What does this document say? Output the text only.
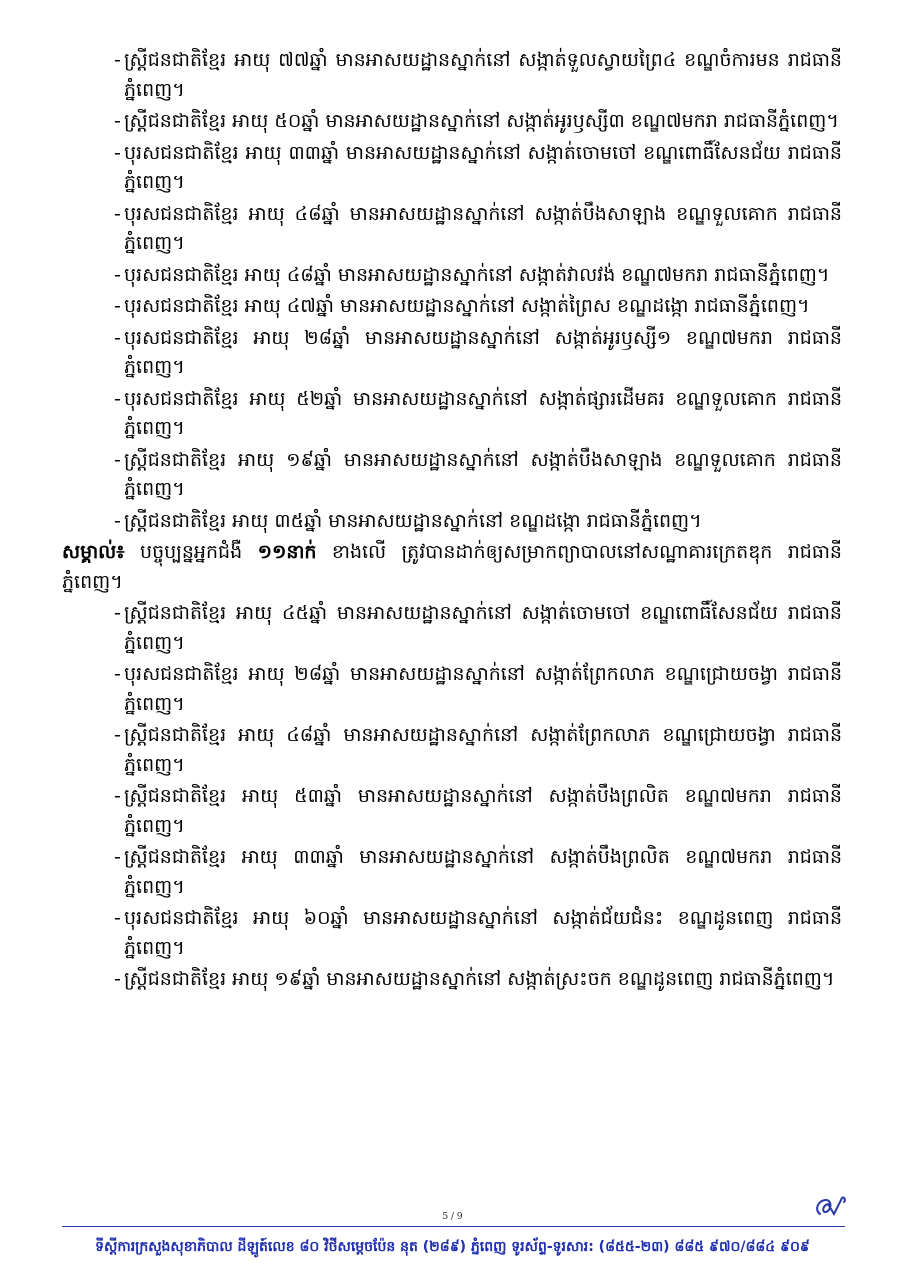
- ស្ត្រីជនជាតិខ្មែរ អាយុ ៧៧ឆ្នាំ មានអាសយដ្ឋានស្នាក់នៅ សង្កាត់ទួលស្វាយព្រៃ៤ ខណ្ឌចំការមន រាជធានីភ្នំពេញ។
- ស្ត្រីជនជាតិខ្មែរ អាយុ ៥០ឆ្នាំ មានអាសយដ្ឋានស្នាក់នៅ សង្កាត់អូរឫស្សី៣ ខណ្ឌ៧មករា រាជធានីភ្នំពេញ។
- បុរសជនជាតិខ្មែរ អាយុ ៣៣ឆ្នាំ មានអាសយដ្ឋានស្នាក់នៅ សង្កាត់ចោមចៅ ខណ្ឌពោធិ៍សែនជ័យ រាជធានីភ្នំពេញ។
- បុរសជនជាតិខ្មែរ អាយុ ៤៨ឆ្នាំ មានអាសយដ្ឋានស្នាក់នៅ សង្កាត់បឹងសាឡាង ខណ្ឌទួលគោក រាជធានីភ្នំពេញ។
- បុរសជនជាតិខ្មែរ អាយុ ៤៨ឆ្នាំ មានអាសយដ្ឋានស្នាក់នៅ សង្កាត់វាលវង់ ខណ្ឌ៧មករា រាជធានីភ្នំពេញ។
- បុរសជនជាតិខ្មែរ អាយុ ៤៧ឆ្នាំ មានអាសយដ្ឋានស្នាក់នៅ សង្កាត់ព្រៃស ខណ្ឌដង្កោ រាជធានីភ្នំពេញ។
- បុរសជនជាតិខ្មែរ អាយុ ២៨ឆ្នាំ មានអាសយដ្ឋានស្នាក់នៅ សង្កាត់អូរឫស្សី១ ខណ្ឌ៧មករា រាជធានីភ្នំពេញ។
- បុរសជនជាតិខ្មែរ អាយុ ៥២ឆ្នាំ មានអាសយដ្ឋានស្នាក់នៅ សង្កាត់ផ្សារដើមគរ ខណ្ឌទួលគោក រាជធានីភ្នំពេញ។
- ស្ត្រីជនជាតិខ្មែរ អាយុ ១៩ឆ្នាំ មានអាសយដ្ឋានស្នាក់នៅ សង្កាត់បឹងសាឡាង ខណ្ឌទួលគោក រាជធានីភ្នំពេញ។
- ស្ត្រីជនជាតិខ្មែរ អាយុ ៣៥ឆ្នាំ មានអាសយដ្ឋានស្នាក់នៅ ខណ្ឌដង្កោ រាជធានីភ្នំពេញ។
សម្គាល់៖ បច្ចុប្បន្នអ្នកជំងឺ ១១នាក់ ខាងលើ ត្រូវបានដាក់ឲ្យសម្រាកព្យាបាលនៅសណ្ឋាគារក្រេតឌុក រាជធានីភ្នំពេញ។
- ស្ត្រីជនជាតិខ្មែរ អាយុ ៤៥ឆ្នាំ មានអាសយដ្ឋានស្នាក់នៅ សង្កាត់ចោមចៅ ខណ្ឌពោធិ៍សែនជ័យ រាជធានីភ្នំពេញ។
- បុរសជនជាតិខ្មែរ អាយុ ២៨ឆ្នាំ មានអាសយដ្ឋានស្នាក់នៅ សង្កាត់ព្រែកលាភ ខណ្ឌជ្រោយចង្វា រាជធានីភ្នំពេញ។
- ស្ត្រីជនជាតិខ្មែរ អាយុ ៤៨ឆ្នាំ មានអាសយដ្ឋានស្នាក់នៅ សង្កាត់ព្រែកលាភ ខណ្ឌជ្រោយចង្វា រាជធានីភ្នំពេញ។
- ស្ត្រីជនជាតិខ្មែរ អាយុ ៥៣ឆ្នាំ មានអាសយដ្ឋានស្នាក់នៅ សង្កាត់បឹងព្រលិត ខណ្ឌ៧មករា រាជធានីភ្នំពេញ។
- ស្ត្រីជនជាតិខ្មែរ អាយុ ៣៣ឆ្នាំ មានអាសយដ្ឋានស្នាក់នៅ សង្កាត់បឹងព្រលិត ខណ្ឌ៧មករា រាជធានីភ្នំពេញ។
- បុរសជនជាតិខ្មែរ អាយុ ៦០ឆ្នាំ មានអាសយដ្ឋានស្នាក់នៅ សង្កាត់ជ័យជំនះ ខណ្ឌដូនពេញ រាជធានីភ្នំពេញ។
- ស្ត្រីជនជាតិខ្មែរ អាយុ ១៩ឆ្នាំ មានអាសយដ្ឋានស្នាក់នៅ សង្កាត់ស្រះចក ខណ្ឌដូនពេញ រាជធានីភ្នំពេញ។
5 / 9
ទីស្តីការក្រសួងសុខាភិបាល ដីឡូត៍លេខ ៨០ វិថីសម្តេចប៉ែន នុត (២៨៩) ភ្នំពេញ ទូរស័ព្ទ-ទូរសារ: (៨៥៥-២៣) ៨៨៥ ៩៧០/៨៨៤ ៩០៩
